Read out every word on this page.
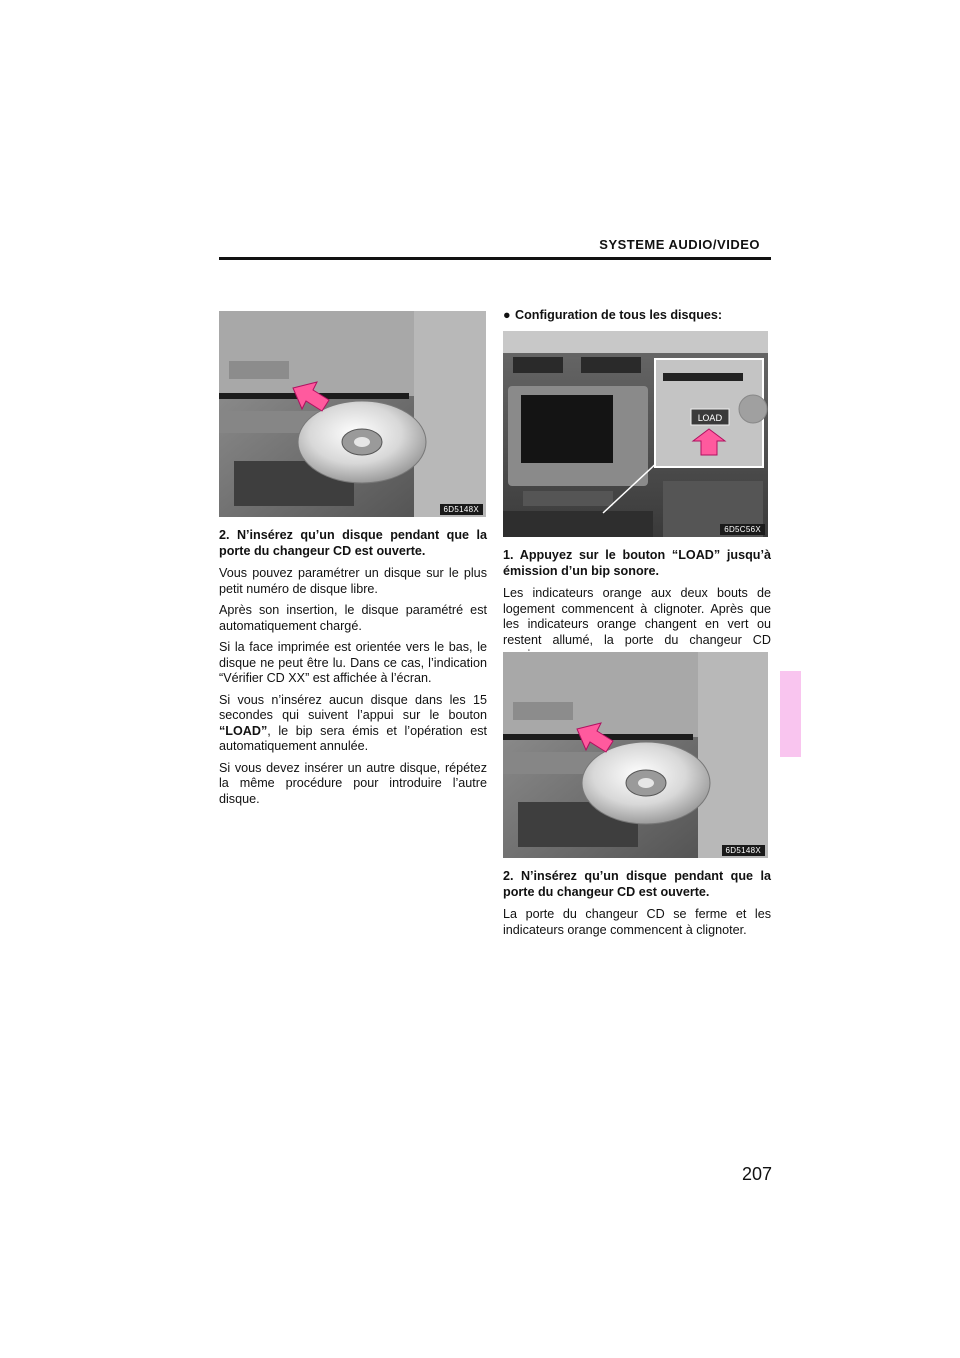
SYSTEME AUDIO/VIDEO
6D5148X

2. N’insérez qu’un disque pendant que la porte du changeur CD est ouverte.

Vous pouvez paramétrer un disque sur le plus petit numéro de disque libre.

Après son insertion, le disque paramétré est automatiquement chargé.

Si la face imprimée est orientée vers le bas, le disque ne peut être lu. Dans ce cas, l’indication “Vérifier CD XX” est affichée à l’écran.

Si vous n’insérez aucun disque dans les 15 secondes qui suivent l’appui sur le bouton “LOAD”, le bip sera émis et l’opération est automatiquement annulée.

Si vous devez insérer un autre disque, répétez la même procédure pour introduire l’autre disque.

● Configuration de tous les disques:

LOAD
6D5C56X

1. Appuyez sur le bouton “LOAD” jusqu’à émission d’un bip sonore.

Les indicateurs orange aux deux bouts de logement commencent à clignoter. Après que les indicateurs orange changent en vert ou restent allumé, la porte du changeur CD

6D5148X

2. N’insérez qu’un disque pendant que la porte du changeur CD est ouverte.

La porte du changeur CD se ferme et les indicateurs orange commencent à clignoter.

207
